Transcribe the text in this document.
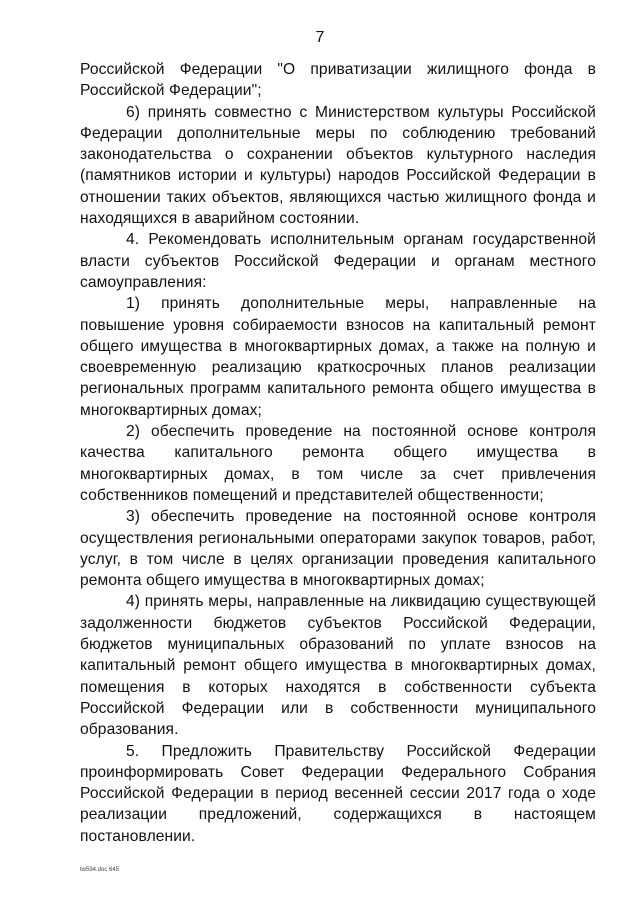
7

Российской Федерации "О приватизации жилищного фонда в Российской Федерации";

6) принять совместно с Министерством культуры Российской Федерации дополнительные меры по соблюдению требований законодательства о сохранении объектов культурного наследия (памятников истории и культуры) народов Российской Федерации в отношении таких объектов, являющихся частью жилищного фонда и находящихся в аварийном состоянии.

4. Рекомендовать исполнительным органам государственной власти субъектов Российской Федерации и органам местного самоуправления:

1) принять дополнительные меры, направленные на повышение уровня собираемости взносов на капитальный ремонт общего имущества в многоквартирных домах, а также на полную и своевременную реализацию краткосрочных планов реализации региональных программ капитального ремонта общего имущества в многоквартирных домах;

2) обеспечить проведение на постоянной основе контроля качества капитального ремонта общего имущества в многоквартирных домах, в том числе за счет привлечения собственников помещений и представителей общественности;

3) обеспечить проведение на постоянной основе контроля осуществления региональными операторами закупок товаров, работ, услуг, в том числе в целях организации проведения капитального ремонта общего имущества в многоквартирных домах;

4) принять меры, направленные на ликвидацию существующей задолженности бюджетов субъектов Российской Федерации, бюджетов муниципальных образований по уплате взносов на капитальный ремонт общего имущества в многоквартирных домах, помещения в которых находятся в собственности субъекта Российской Федерации или в собственности муниципального образования.

5. Предложить Правительству Российской Федерации проинформировать Совет Федерации Федерального Собрания Российской Федерации в период весенней сессии 2017 года о ходе реализации предложений, содержащихся в настоящем постановлении.

tw594.doc 645
